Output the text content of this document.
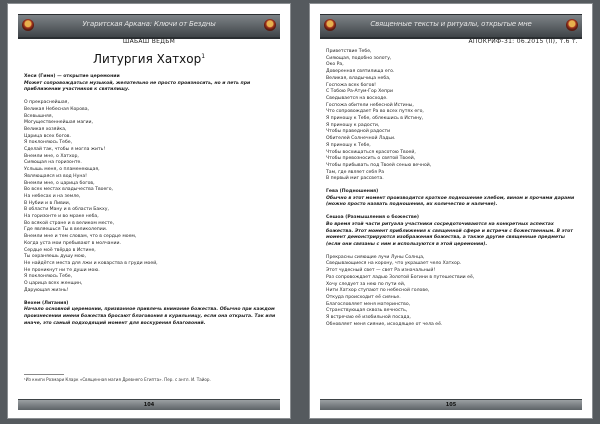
Угаритская Аркана: Ключи от Бездны
ШАБАШ ВЕДЬМ
Литургия Хатхор$^1$

Хеси (Гимн) — открытие церемонии

Может сопровождаться музыкой, желательно не просто произносить, но и петь при приближении участников к святилищу.

О прекраснейшая,

Великая Небесная Корова,

Всевышняя,

Могущественнейшая магии,

Великая хозяйка,

Царица всех богов.

Я поклоняюсь Тебе,

Сделай так, чтобы я могла жить!

Внемли мне, о Хатхор,

Сияющая на горизонте.

Услышь меня, о пламенеющая,

Являющаяся из вод Нуна!

Внемли мне, о царица богов,

Во всех местах владычества Твоего,

На небесах и на земле,

В Нубии и в Ливии,

В области Ману и в области Бакху,

На горизонте и во мраке неба,

Во всякой стране и в великом месте,

Где являешься Ты в великолепии.

Внемли мне и тем словам, что в сердце моем,

Когда уста мои пребывают в молчании.

Сердце моё твёрдо в Истине,

Ты охраняешь душу мою,

Не найдётся места для лжи и коварства в груди моей,

Не проникнут ни те души мою.

Я поклоняюсь Тебе,

О царица всех женщин,

Дарующая жизнь!

Вехем (Литания)

Начало основной церемонии, призванное привлечь внимание божества. Обычно при каждом произнесении имени божества бросают благовония в курильницу, если она открыта. Так или иначе, это самый подходящий момент для воскурения благовоний.

¹Из книги Розмари Кларк «Священная магия Древнего Египта». Пер. с англ. И. Тайор.
104
Священные тексты и ритуалы, открытые мне
АПОКРИФ-31: 06.2015 (II), т.6 т.

Приветствие Тебе,

Сияющая, подобно золоту,

Око Ра,

Доверенная святилища его.

Великая, владычица неба,

Госпожа всех богов!

С Тобою Ра-Атум-Гор Хепри

Сведывается на восходе.

Госпожа обители небесной Истины,

Что сопровождает Ра во всех путях его,

Я приношу к Тебе, облекшись в Истину,

Я приношу к радости,

Чтобы праведной радости

Обителей Солнечной Ладьи.

Я приношу к Тебе,

Чтобы восхищаться красотою Твоей,

Чтобы превозносить о святой Твоей,

Чтобы прибывать под Твоей сенью вечной,

Там, где являет себя Ра

В первый миг рассвета.

Гева (Подношения)

Обычно в этот момент производится краткое подношение хлебом, вином и прочими дарами (можно просто назвать подношения, их количество и наличие).

Сешоа (Размышления о божестве)

Во время этой части ритуала участники сосредоточиваются на конкретных аспектах божества. Этот момент приближения к священной сфере и встречи с божественным. В этот момент демонстрируются изображения божества, а также другие священные предметы (если они связаны с ним и используются в этой церемонии).

Прекрасны сияющие лучи Луны Солнца,

Сведывающиеся на корону, что украшает чело Хатхор.

Этот чудесный свет — свет Ра изначальный!

Раз сопровождает ладью Золотой Богини в путешествии её,

Хочу следует за нею по пути ей,

Нити Хатхор ступают по небесной голове,

Откуда происходит её сиянье.

Благословляет меня материнство,

Странствующая сквозь вечность,

Я встречаю её изобильной посада,

Обновляет меня сияние, исходящее от чела её.

105
